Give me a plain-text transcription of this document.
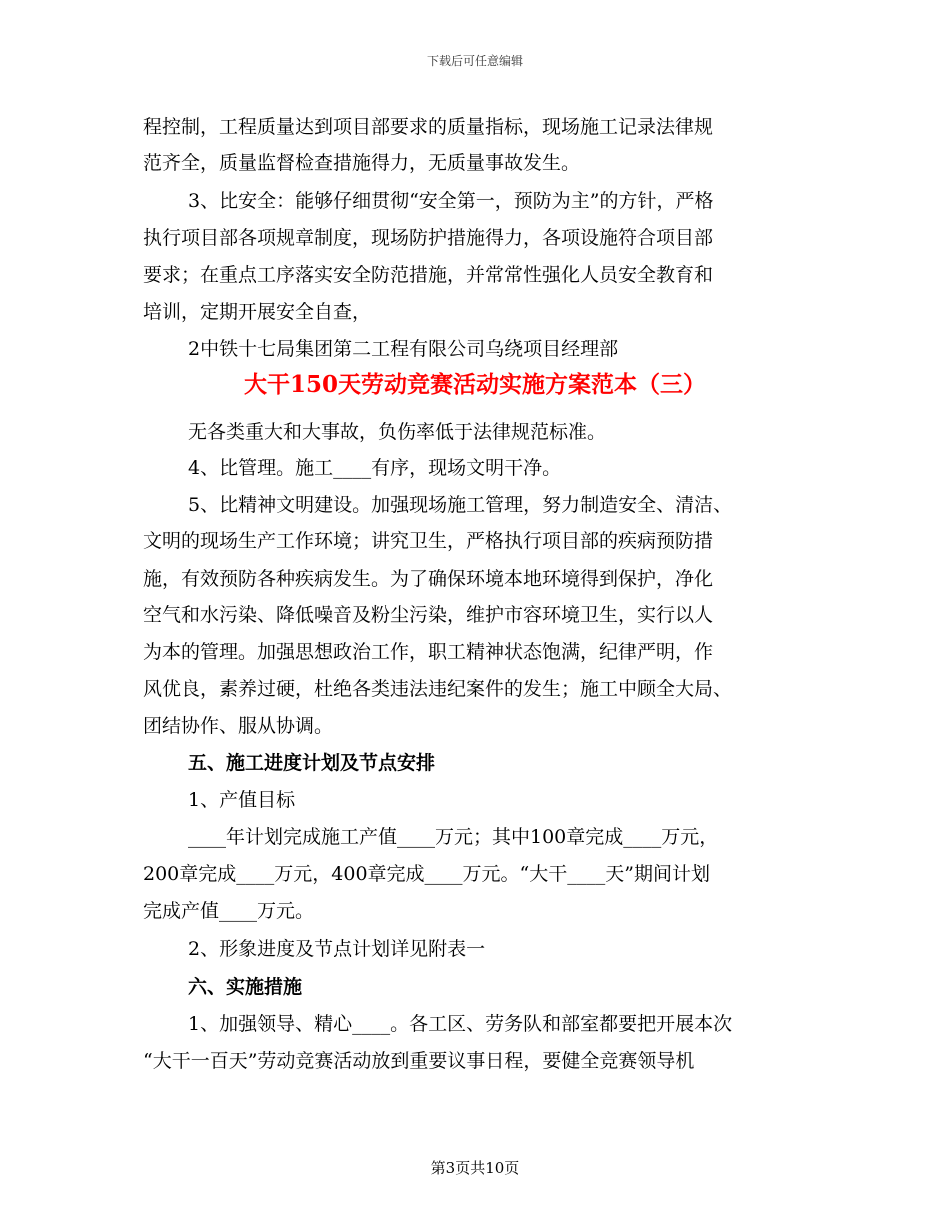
下载后可任意编辑
程控制，工程质量达到项目部要求的质量指标，现场施工记录法律规
范齐全，质量监督检查措施得力，无质量事故发生。
3、比安全：能够仔细贯彻“安全第一，预防为主”的方针，严格
执行项目部各项规章制度，现场防护措施得力，各项设施符合项目部
要求；在重点工序落实安全防范措施，并常常性强化人员安全教育和
培训，定期开展安全自查，
2中铁十七局集团第二工程有限公司乌绕项目经理部
大干150天劳动竞赛活动实施方案范本（三）
无各类重大和大事故，负伤率低于法律规范标准。
4、比管理。施工____有序，现场文明干净。
5、比精神文明建设。加强现场施工管理，努力制造安全、清洁、
文明的现场生产工作环境；讲究卫生，严格执行项目部的疾病预防措
施，有效预防各种疾病发生。为了确保环境本地环境得到保护，净化
空气和水污染、降低噪音及粉尘污染，维护市容环境卫生，实行以人
为本的管理。加强思想政治工作，职工精神状态饱满，纪律严明，作
风优良，素养过硬，杜绝各类违法违纪案件的发生；施工中顾全大局、
团结协作、服从协调。
五、施工进度计划及节点安排
1、产值目标
____年计划完成施工产值____万元；其中100章完成____万元，
200章完成____万元，400章完成____万元。“大干____天”期间计划
完成产值____万元。
2、形象进度及节点计划详见附表一
六、实施措施
1、加强领导、精心____。各工区、劳务队和部室都要把开展本次
“大干一百天”劳动竞赛活动放到重要议事日程，要健全竞赛领导机
第3页共10页
